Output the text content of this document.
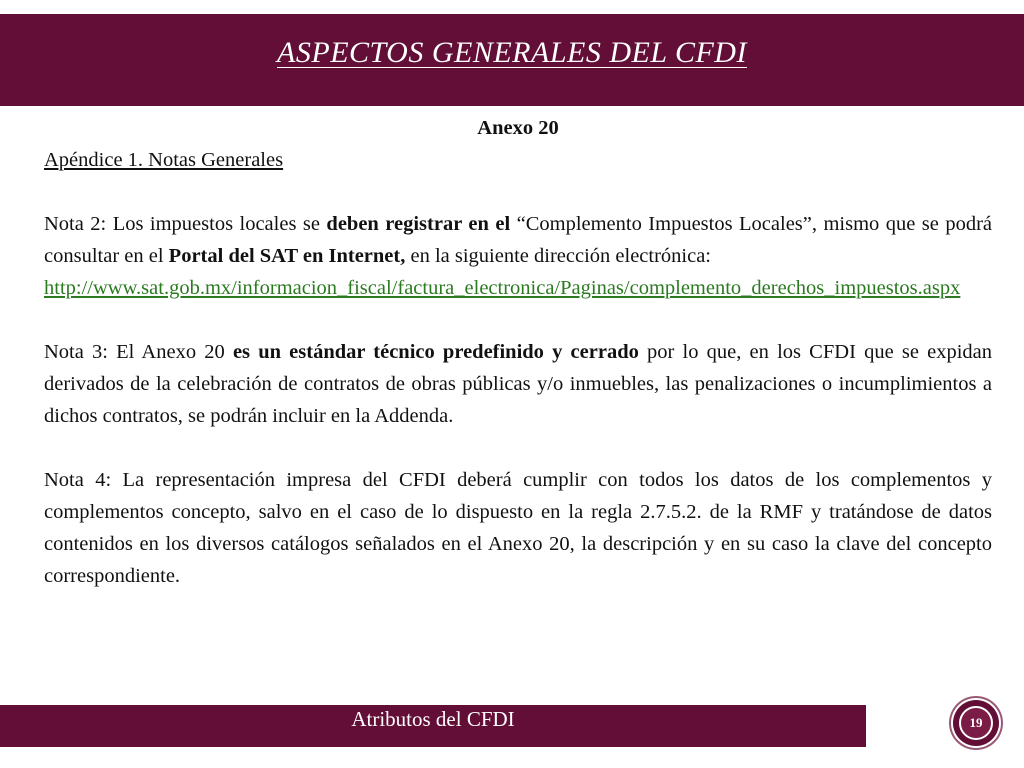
ASPECTOS GENERALES DEL CFDI

Anexo 20

Apéndice 1. Notas Generales

Nota 2: Los impuestos locales se deben registrar en el “Complemento Impuestos Locales”, mismo que se podrá consultar en el Portal del SAT en Internet, en la siguiente dirección electrónica:

http://www.sat.gob.mx/informacion_fiscal/factura_electronica/Paginas/complemento_derechos_impuestos.aspx

Nota 3: El Anexo 20 es un estándar técnico predefinido y cerrado por lo que, en los CFDI que se expidan derivados de la celebración de contratos de obras públicas y/o inmuebles, las penalizaciones o incumplimientos a dichos contratos, se podrán incluir en la Addenda.

Nota 4: La representación impresa del CFDI deberá cumplir con todos los datos de los complementos y complementos concepto, salvo en el caso de lo dispuesto en la regla 2.7.5.2. de la RMF y tratándose de datos contenidos en los diversos catálogos señalados en el Anexo 20, la descripción y en su caso la clave del concepto correspondiente.

Atributos del CFDI	19
